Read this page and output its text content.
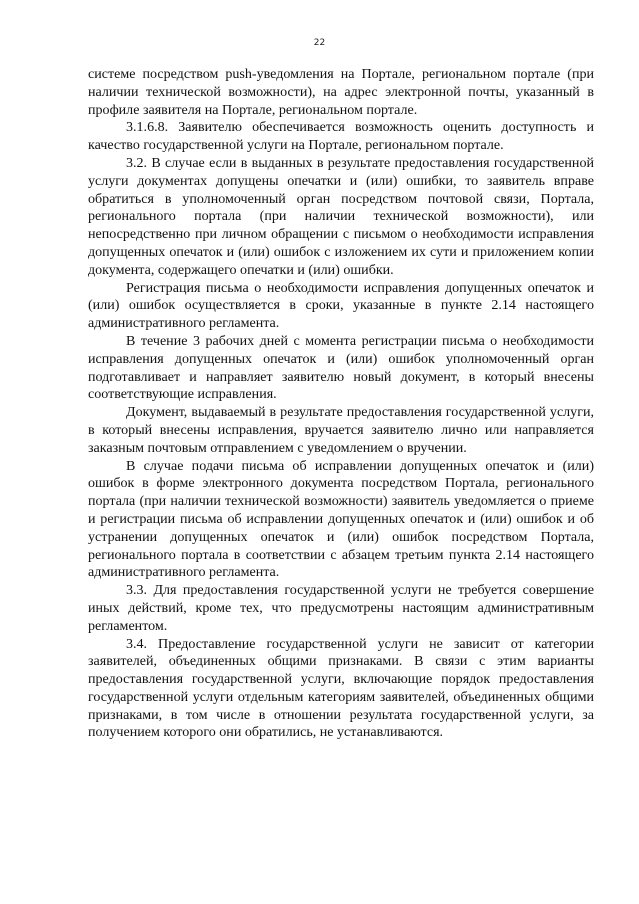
22

системе посредством push-уведомления на Портале, региональном портале (при наличии технической возможности), на адрес электронной почты, указанный в профиле заявителя на Портале, региональном портале.

3.1.6.8. Заявителю обеспечивается возможность оценить доступность и качество государственной услуги на Портале, региональном портале.

3.2. В случае если в выданных в результате предоставления государственной услуги документах допущены опечатки и (или) ошибки, то заявитель вправе обратиться в уполномоченный орган посредством почтовой связи, Портала, регионального портала (при наличии технической возможности), или непосредственно при личном обращении с письмом о необходимости исправления допущенных опечаток и (или) ошибок с изложением их сути и приложением копии документа, содержащего опечатки и (или) ошибки.

Регистрация письма о необходимости исправления допущенных опечаток и (или) ошибок осуществляется в сроки, указанные в пункте 2.14 настоящего административного регламента.

В течение 3 рабочих дней с момента регистрации письма о необходимости исправления допущенных опечаток и (или) ошибок уполномоченный орган подготавливает и направляет заявителю новый документ, в который внесены соответствующие исправления.

Документ, выдаваемый в результате предоставления государственной услуги, в который внесены исправления, вручается заявителю лично или направляется заказным почтовым отправлением с уведомлением о вручении.

В случае подачи письма об исправлении допущенных опечаток и (или) ошибок в форме электронного документа посредством Портала, регионального портала (при наличии технической возможности) заявитель уведомляется о приеме и регистрации письма об исправлении допущенных опечаток и (или) ошибок и об устранении допущенных опечаток и (или) ошибок посредством Портала, регионального портала в соответствии с абзацем третьим пункта 2.14 настоящего административного регламента.

3.3. Для предоставления государственной услуги не требуется совершение иных действий, кроме тех, что предусмотрены настоящим административным регламентом.

3.4. Предоставление государственной услуги не зависит от категории заявителей, объединенных общими признаками. В связи с этим варианты предоставления государственной услуги, включающие порядок предоставления государственной услуги отдельным категориям заявителей, объединенных общими признаками, в том числе в отношении результата государственной услуги, за получением которого они обратились, не устанавливаются.
